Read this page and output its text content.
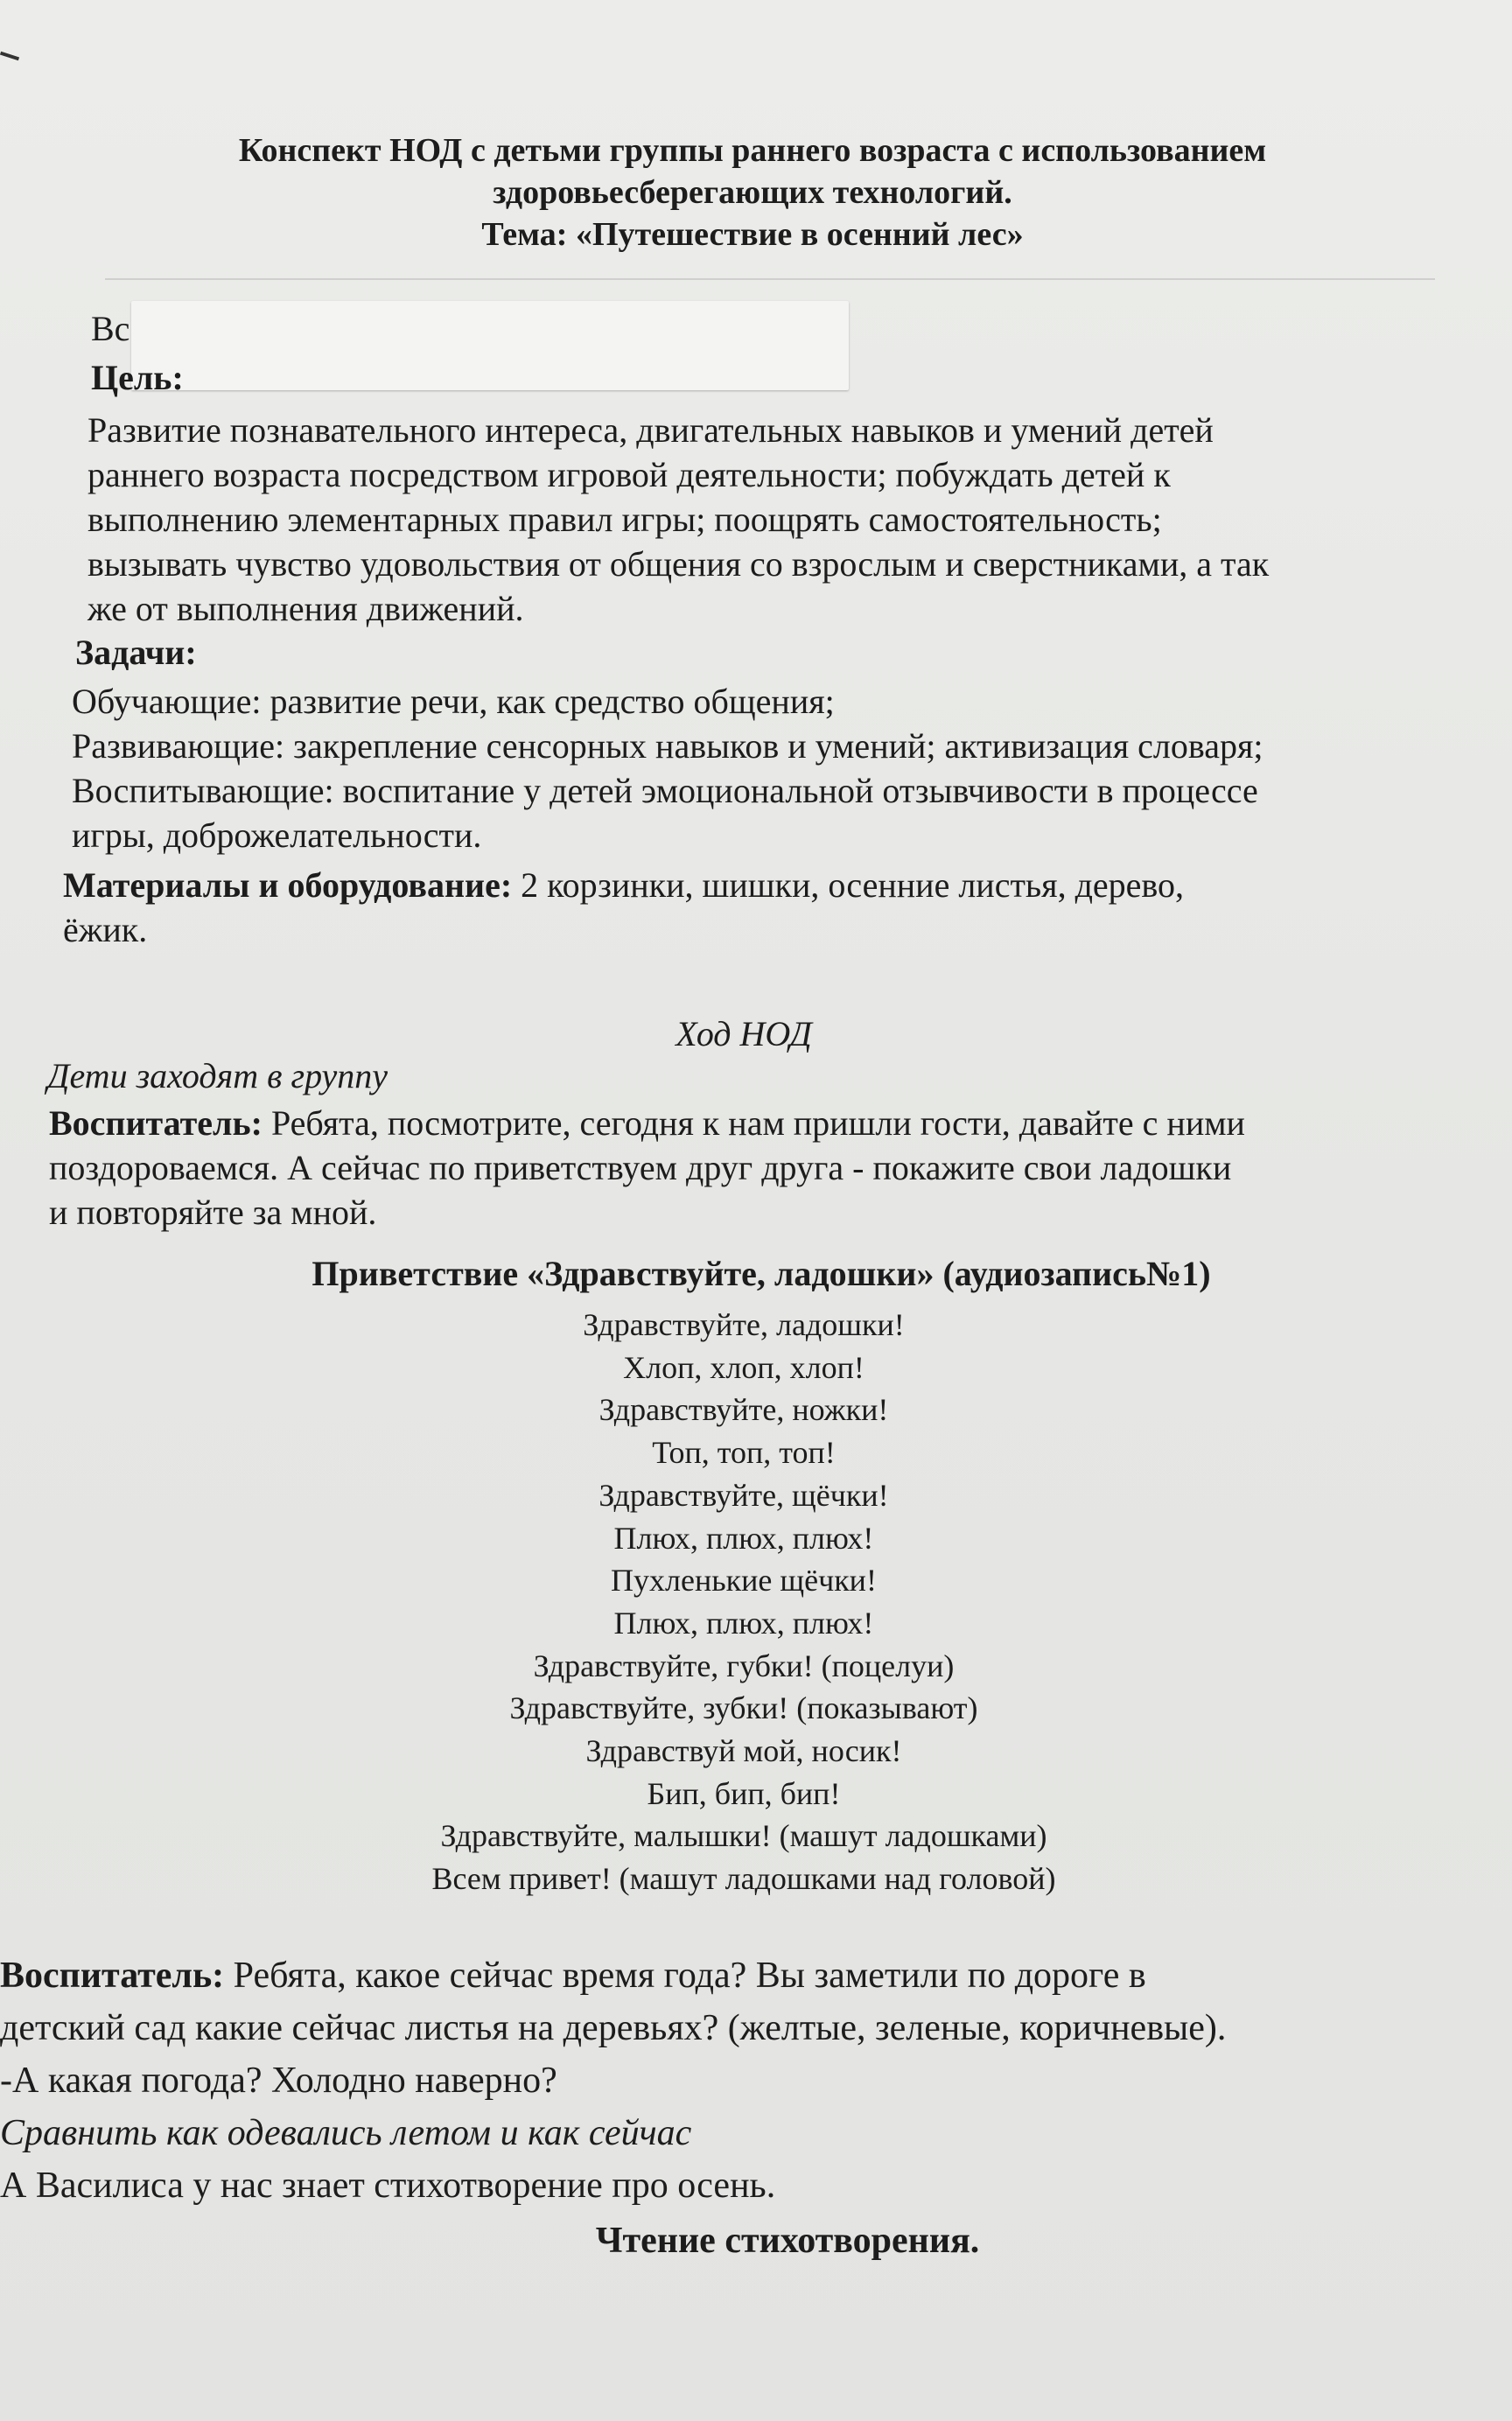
Конспект НОД с детьми группы раннего возраста с использованием
здоровьесберегающих технологий.
Тема: «Путешествие в осенний лес»
Вс
Цель:
Развитие познавательного интереса, двигательных навыков и умений детей
раннего возраста посредством игровой деятельности; побуждать детей к
выполнению элементарных правил игры; поощрять самостоятельность;
вызывать чувство удовольствия от общения со взрослым и сверстниками, а так
же от выполнения движений.
Задачи:
Обучающие: развитие речи, как средство общения;
Развивающие: закрепление сенсорных навыков и умений; активизация словаря;
Воспитывающие: воспитание у детей эмоциональной отзывчивости в процессе
игры, доброжелательности.
Материалы и оборудование: 2 корзинки, шишки, осенние листья, дерево,
ёжик.
Ход НОД
Дети заходят в группу
Воспитатель: Ребята, посмотрите, сегодня к нам пришли гости, давайте с ними
поздороваемся. А сейчас по приветствуем друг друга - покажите свои ладошки
и повторяйте за мной.
Приветствие «Здравствуйте, ладошки» (аудиозапись№1)
Здравствуйте, ладошки!
Хлоп, хлоп, хлоп!
Здравствуйте, ножки!
Топ, топ, топ!
Здравствуйте, щёчки!
Плюх, плюх, плюх!
Пухленькие щёчки!
Плюх, плюх, плюх!
Здравствуйте, губки! (поцелуи)
Здравствуйте, зубки! (показывают)
Здравствуй мой, носик!
Бип, бип, бип!
Здравствуйте, малышки! (машут ладошками)
Всем привет! (машут ладошками над головой)
Воспитатель: Ребята, какое сейчас время года? Вы заметили по дороге в
детский сад какие сейчас листья на деревьях? (желтые, зеленые, коричневые).
-А какая погода? Холодно наверно?
Сравнить как одевались летом и как сейчас
А Василиса у нас знает стихотворение про осень.
Чтение стихотворения.
